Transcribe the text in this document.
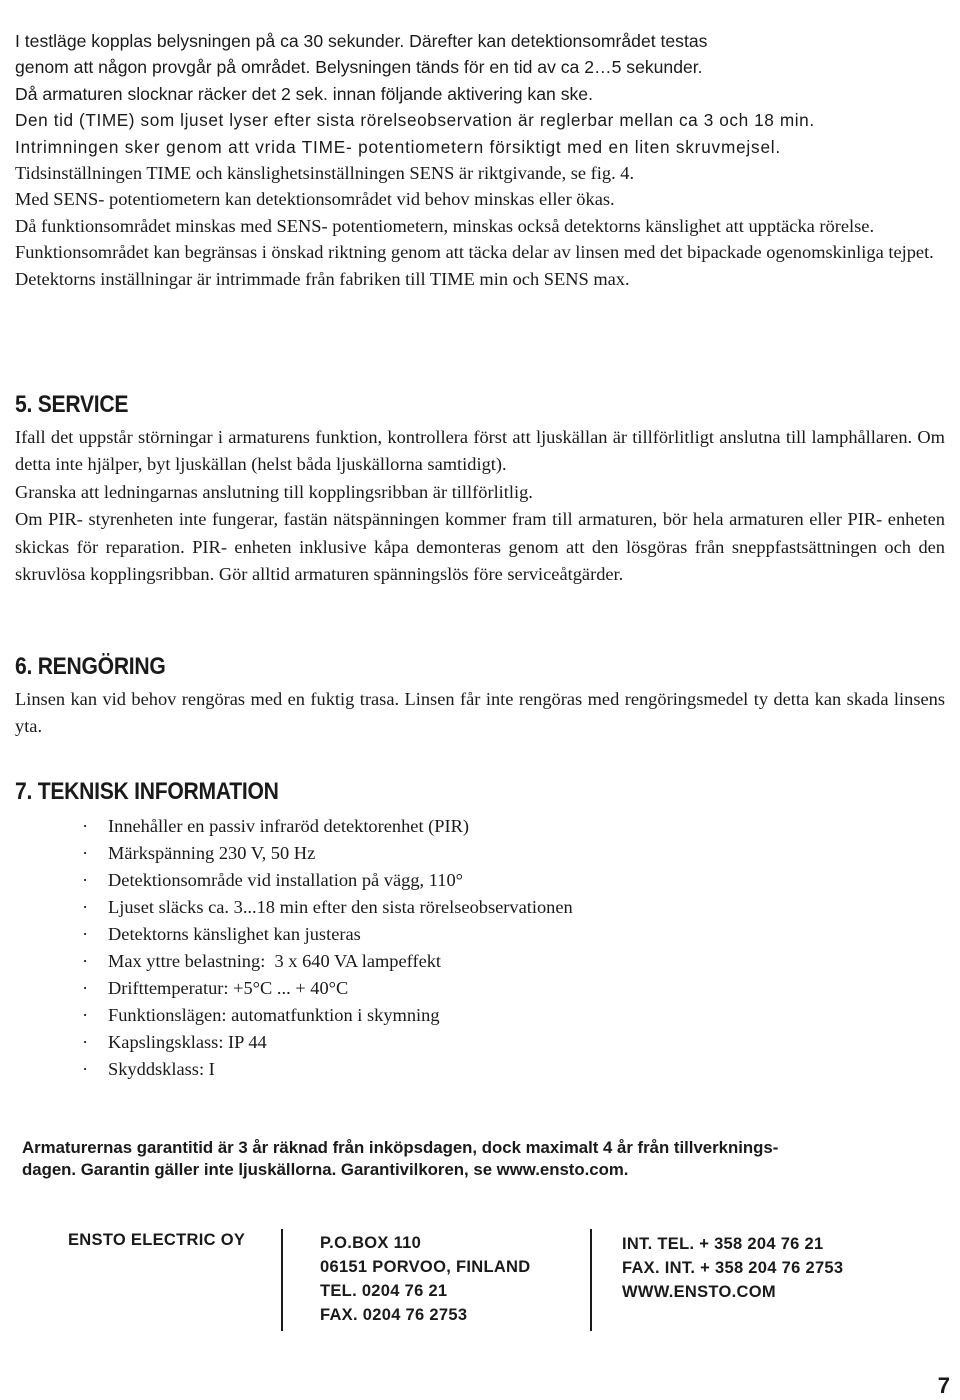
I testläge kopplas belysningen på ca 30 sekunder. Därefter kan detektionsområdet testas

genom att någon provgår på området. Belysningen tänds för en tid av ca 2…5 sekunder.

Då armaturen slocknar räcker det 2 sek. innan följande aktivering kan ske.

Den tid (TIME) som ljuset lyser efter sista rörelseobservation är reglerbar mellan ca 3 och 18 min.

Intrimningen sker genom att vrida TIME- potentiometern försiktigt med en liten skruvmejsel.

Tidsinställningen TIME och känslighetsinställningen SENS är riktgivande, se fig. 4.

Med SENS- potentiometern kan detektionsområdet vid behov minskas eller ökas.

Då funktionsområdet minskas med SENS- potentiometern, minskas också detektorns känslighet att upptäcka rörelse.

Funktionsområdet kan begränsas i önskad riktning genom att täcka delar av linsen med det bipackade ogenomskinliga tejpet.

Detektorns inställningar är intrimmade från fabriken till TIME min och SENS max.

5. SERVICE

Ifall det uppstår störningar i armaturens funktion, kontrollera först att ljuskällan är tillförlitligt anslutna till lamphållaren. Om detta inte hjälper, byt ljuskällan (helst båda ljuskällorna samtidigt).

Granska att ledningarnas anslutning till kopplingsribban är tillförlitlig.

Om PIR- styrenheten inte fungerar, fastän nätspänningen kommer fram till armaturen, bör hela armaturen eller PIR- enheten skickas för reparation. PIR- enheten inklusive kåpa demonteras genom att den lösgöras från sneppfastsättningen och den skruvlösa kopplingsribban. Gör alltid armaturen spänningslös före serviceåtgärder.

6. RENGÖRING

Linsen kan vid behov rengöras med en fuktig trasa. Linsen får inte rengöras med rengöringsmedel ty detta kan skada linsens yta.

7. TEKNISK INFORMATION
· Innehåller en passiv infraröd detektorenhet (PIR)
· Märkspänning 230 V, 50 Hz
· Detektionsområde vid installation på vägg, 110°
· Ljuset släcks ca. 3...18 min efter den sista rörelseobservationen
· Detektorns känslighet kan justeras
· Max yttre belastning:  3 x 640 VA lampeffekt
· Drifttemperatur: +5°C ... + 40°C
· Funktionslägen: automatfunktion i skymning
· Kapslingsklass: IP 44
· Skyddsklass: I

Armaturernas garantitid är 3 år räknad från inköpsdagen, dock maximalt 4 år från tillverknings-

dagen. Garantin gäller inte ljuskällorna. Garantivilkoren, se www.ensto.com.

ENSTO ELECTRIC OY	P.O.BOX 110
06151 PORVOO, FINLAND
TEL. 0204 76 21
FAX. 0204 76 2753
INT. TEL. + 358 204 76 21
FAX. INT. + 358 204 76 2753
WWW.ENSTO.COM
7
